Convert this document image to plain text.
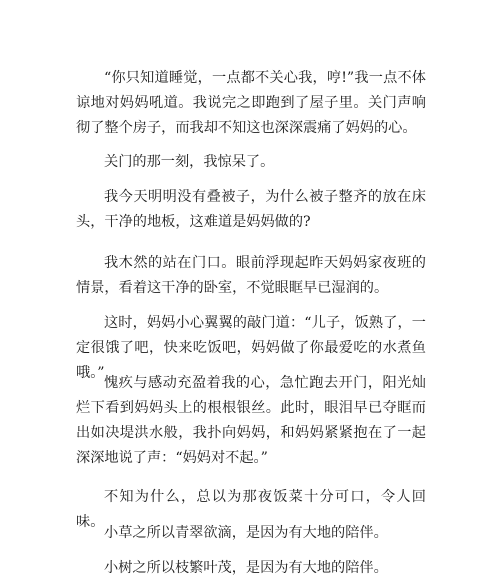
“你只知道睡觉，一点都不关心我，哼!”我一点不体谅地对妈妈吼道。我说完之即跑到了屋子里。关门声响彻了整个房子，而我却不知这也深深震痛了妈妈的心。

关门的那一刻，我惊呆了。

我今天明明没有叠被子，为什么被子整齐的放在床头，干净的地板，这难道是妈妈做的?

我木然的站在门口。眼前浮现起昨天妈妈家夜班的情景，看着这干净的卧室，不觉眼眶早已湿润的。

这时，妈妈小心翼翼的敲门道：“儿子，饭熟了，一定很饿了吧，快来吃饭吧，妈妈做了你最爱吃的水煮鱼哦。”

愧疚与感动充盈着我的心，急忙跑去开门，阳光灿烂下看到妈妈头上的根根银丝。此时，眼泪早已夺眶而出如决堤洪水般，我扑向妈妈，和妈妈紧紧抱在了一起深深地说了声：“妈妈对不起。”

不知为什么，总以为那夜饭菜十分可口，令人回味。

小草之所以青翠欲滴，是因为有大地的陪伴。

小树之所以枝繁叶茂，是因为有大地的陪伴。
